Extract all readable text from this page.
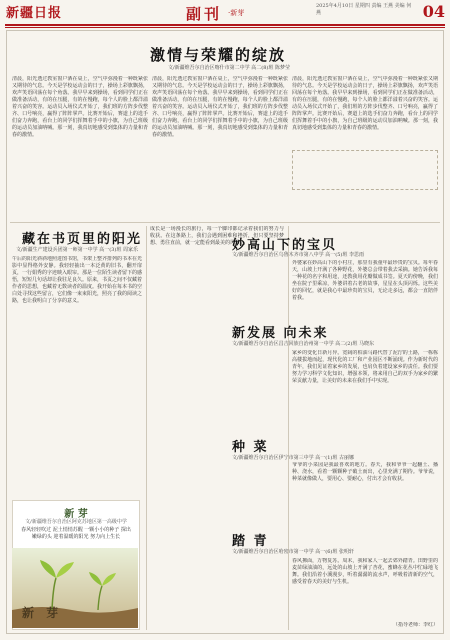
新疆日报	副刊 ·新芽
2025年4月10日 星期四 责编 王燕 美编 何燕	04
激情与荣耀的绽放
文/新疆维吾尔自治区喀什市第二中学 高二(8)班 陈梦莹
清晨，阳光透过教室窗户洒在桌上，空气中弥漫着一种既紧张又期待的气息。今天是学校运动会的日子，操场上彩旗飘扬，欢声笑语回荡在每个角落。我早早来到操场，看到同学们正在做准备活动，有的在压腿，有的在慢跑，每个人的脸上都洋溢着兴奋的笑容。运动员入场仪式开始了，我们班的方阵步伐整齐、口号响亮，赢得了阵阵掌声。比赛开始后，赛道上的选手们奋力奔跑，看台上的同学们挥舞着手中的小旗，为自己班级的运动员加油呐喊。那一刻，我真切地感受到集体的力量和青春的激情。
清晨，阳光透过教室窗户洒在桌上，空气中弥漫着一种既紧张又期待的气息。今天是学校运动会的日子，操场上彩旗飘扬，欢声笑语回荡在每个角落。我早早来到操场，看到同学们正在做准备活动，有的在压腿，有的在慢跑，每个人的脸上都洋溢着兴奋的笑容。运动员入场仪式开始了，我们班的方阵步伐整齐、口号响亮，赢得了阵阵掌声。比赛开始后，赛道上的选手们奋力奔跑，看台上的同学们挥舞着手中的小旗，为自己班级的运动员加油呐喊。那一刻，我真切地感受到集体的力量和青春的激情。
清晨，阳光透过教室窗户洒在桌上，空气中弥漫着一种既紧张又期待的气息。今天是学校运动会的日子，操场上彩旗飘扬，欢声笑语回荡在每个角落。我早早来到操场，看到同学们正在做准备活动，有的在压腿，有的在慢跑，每个人的脸上都洋溢着兴奋的笑容。运动员入场仪式开始了，我们班的方阵步伐整齐、口号响亮，赢得了阵阵掌声。比赛开始后，赛道上的选手们奋力奔跑，看台上的同学们挥舞着手中的小旗，为自己班级的运动员加油呐喊。那一刻，我真切地感受到集体的力量和青春的激情。
藏在书页里的阳光
文/新疆生产建设兵团第一师第一中学 高一(3)班 周家乐
午后的阳光斜斜地照进图书馆，书架上整齐排列的书本在光影中显得格外安静。我轻轻抽出一本泛黄的旧书，翻开扉页，一行娟秀的字迹映入眼帘。那是一位陌生读者留下的感悟，短短几句话却让我驻足良久。原来，书页之间不仅藏着作者的思想，也藏着无数读者的温度。我开始在每本书的空白处寻找这些留言，它们像一束束阳光，照亮了我的阅读之路，也让我明白了分享的意义。
成长是一场漫长的旅行，每一个脚印都记录着我们的努力与收获。在这条路上，我们会遇到困难和挫折，但只要坚持梦想、勇往直前，就一定能看到最美的风景。
妙高山下的宝贝
文/新疆维吾尔自治区乌鲁木齐市第八中学 高一(5)班 李思雨
外婆家在妙高山下的小村庄，那里有我童年最珍贵的宝贝。每年春天，山坡上开满了各种野花，外婆总会带着我去采摘。她告诉我每一种花的名字和用途，还教我用花瓣做成书签。夏天的傍晚，我们坐在院子里乘凉，外婆讲着古老的故事，星星在头顶闪烁。这些美好的回忆，就是我心中最珍贵的宝贝，无论走多远，都会一直陪伴着我。
新发展 向未来
文/新疆维吾尔自治区昌吉回族自治州第一中学 高二(2)班 马晓东
家乡的变化日新月异。宽阔的柏油马路代替了泥泞的土路，一栋栋高楼拔地而起，现代化的工厂和产业园区不断涌现。作为新时代的青年，我们见证着家乡的发展，也肩负着建设家乡的责任。我们要努力学习科学文化知识，增强本领，将来用自己的双手为家乡的繁荣贡献力量，让美好的未来在我们手中实现。
种 菜
文/新疆维吾尔自治区伊宁市第三中学 高一(1)班 古丽娜
爷爷的小菜园是我最喜欢的地方。春天，我和爷爷一起翻土、播种、浇水，看着一颗颗种子破土而出，心里充满了期待。爷爷说，种菜就像做人，要用心、要耐心，付出才会有收获。
踏 青
文/新疆维吾尔自治区哈密市第一中学 高一(6)班 张明轩
春风拂面，万物复苏。周末，我和家人一起去郊外踏青。田野里的麦苗绿油油的，远处的山坡上开满了杏花，蜜蜂在花丛中忙碌地飞舞。我们沿着小溪漫步，听着潺潺的流水声，呼吸着清新的空气，感受着春天的美好与生机。
（指导老师：李红）
新 芽
文/新疆维吾尔自治区阿克苏地区第一高级中学
春风轻轻吹过 泥土悄悄苏醒 一颗小小的种子 探出嫩绿的头 迎着温暖的阳光 努力向上生长
新 芽
